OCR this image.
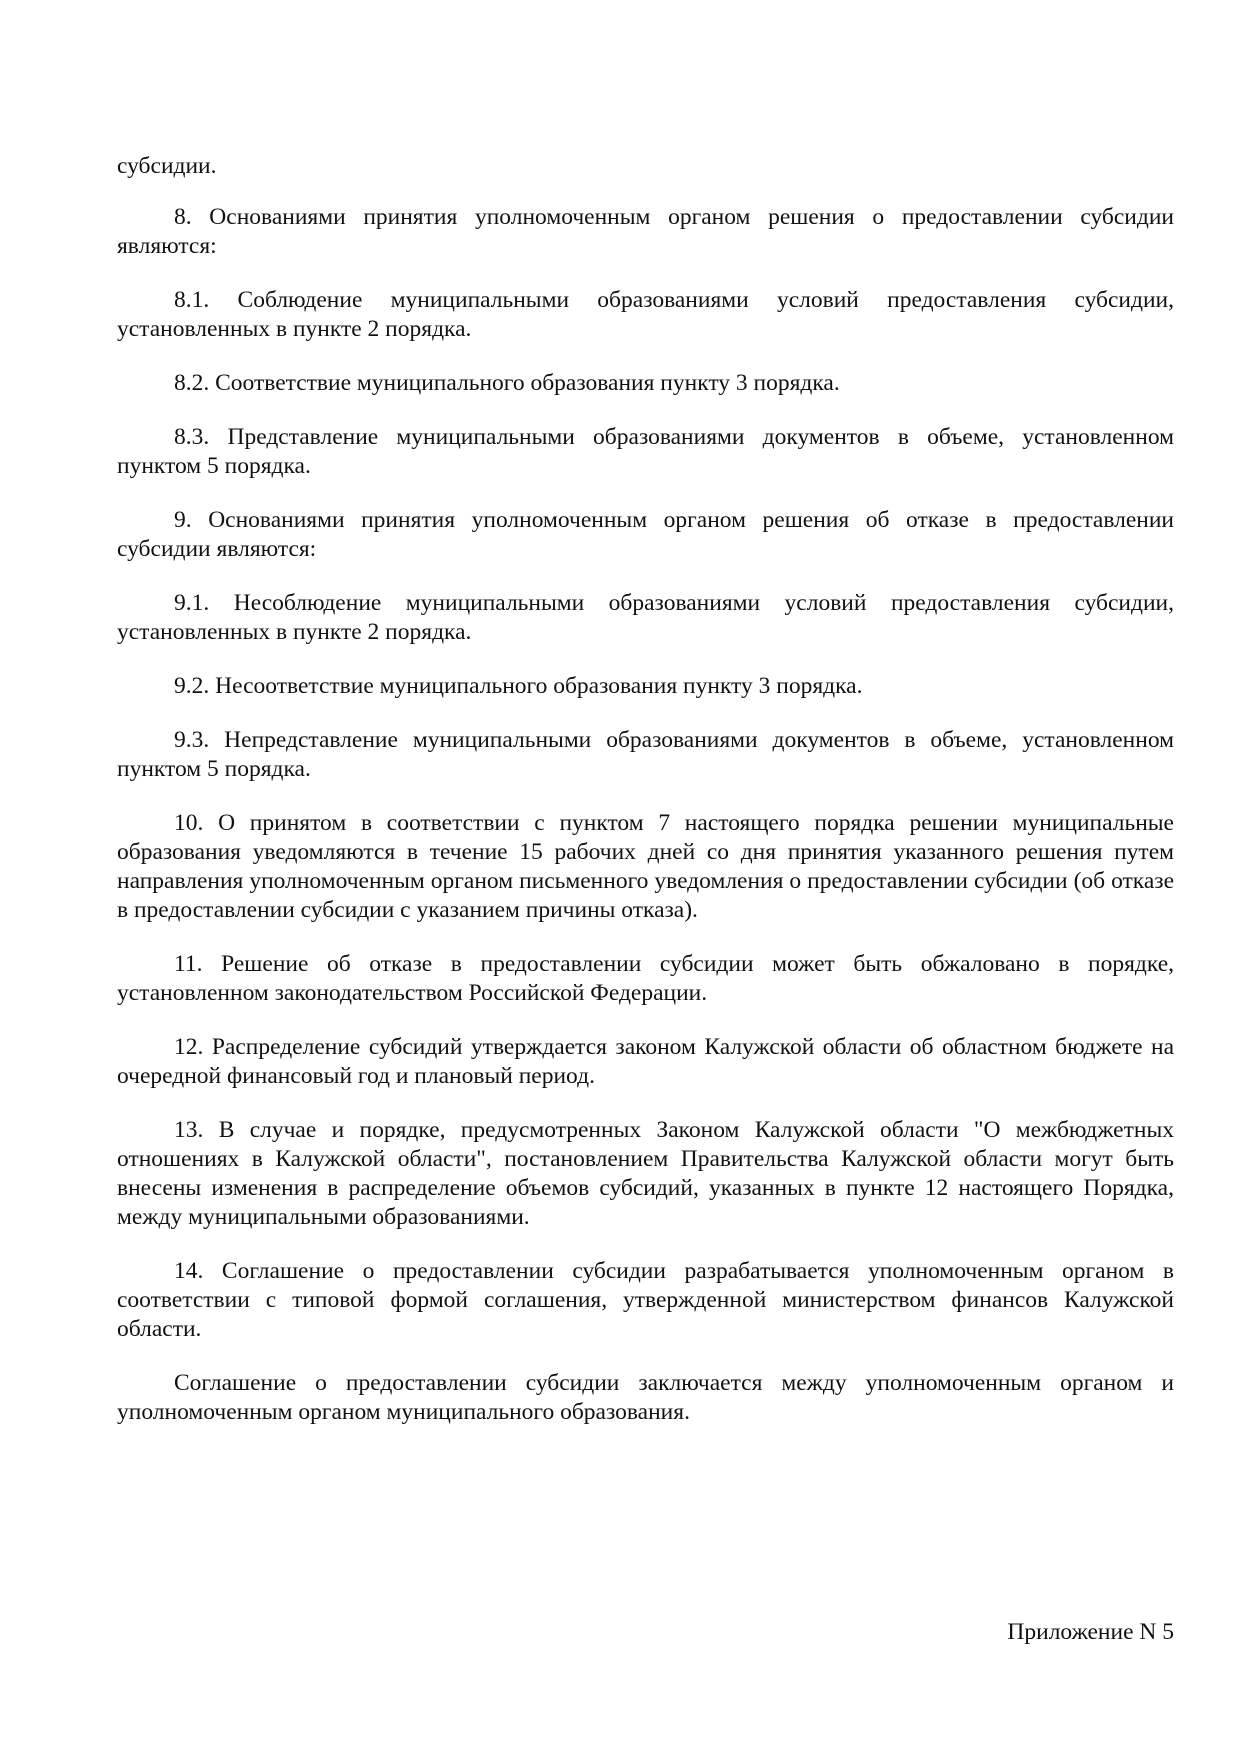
субсидии.

8. Основаниями принятия уполномоченным органом решения о предоставлении субсидии являются:

8.1. Соблюдение муниципальными образованиями условий предоставления субсидии, установленных в пункте 2 порядка.

8.2. Соответствие муниципального образования пункту 3 порядка.

8.3. Представление муниципальными образованиями документов в объеме, установленном пунктом 5 порядка.

9. Основаниями принятия уполномоченным органом решения об отказе в предоставлении субсидии являются:

9.1. Несоблюдение муниципальными образованиями условий предоставления субсидии, установленных в пункте 2 порядка.

9.2. Несоответствие муниципального образования пункту 3 порядка.

9.3. Непредставление муниципальными образованиями документов в объеме, установленном пунктом 5 порядка.

10. О принятом в соответствии с пунктом 7 настоящего порядка решении муниципальные образования уведомляются в течение 15 рабочих дней со дня принятия указанного решения путем направления уполномоченным органом письменного уведомления о предоставлении субсидии (об отказе в предоставлении субсидии с указанием причины отказа).

11. Решение об отказе в предоставлении субсидии может быть обжаловано в порядке, установленном законодательством Российской Федерации.

12. Распределение субсидий утверждается законом Калужской области об областном бюджете на очередной финансовый год и плановый период.

13. В случае и порядке, предусмотренных Законом Калужской области "О межбюджетных отношениях в Калужской области", постановлением Правительства Калужской области могут быть внесены изменения в распределение объемов субсидий, указанных в пункте 12 настоящего Порядка, между муниципальными образованиями.

14. Соглашение о предоставлении субсидии разрабатывается уполномоченным органом в соответствии с типовой формой соглашения, утвержденной министерством финансов Калужской области.

Соглашение о предоставлении субсидии заключается между уполномоченным органом и уполномоченным органом муниципального образования.

Приложение N 5
